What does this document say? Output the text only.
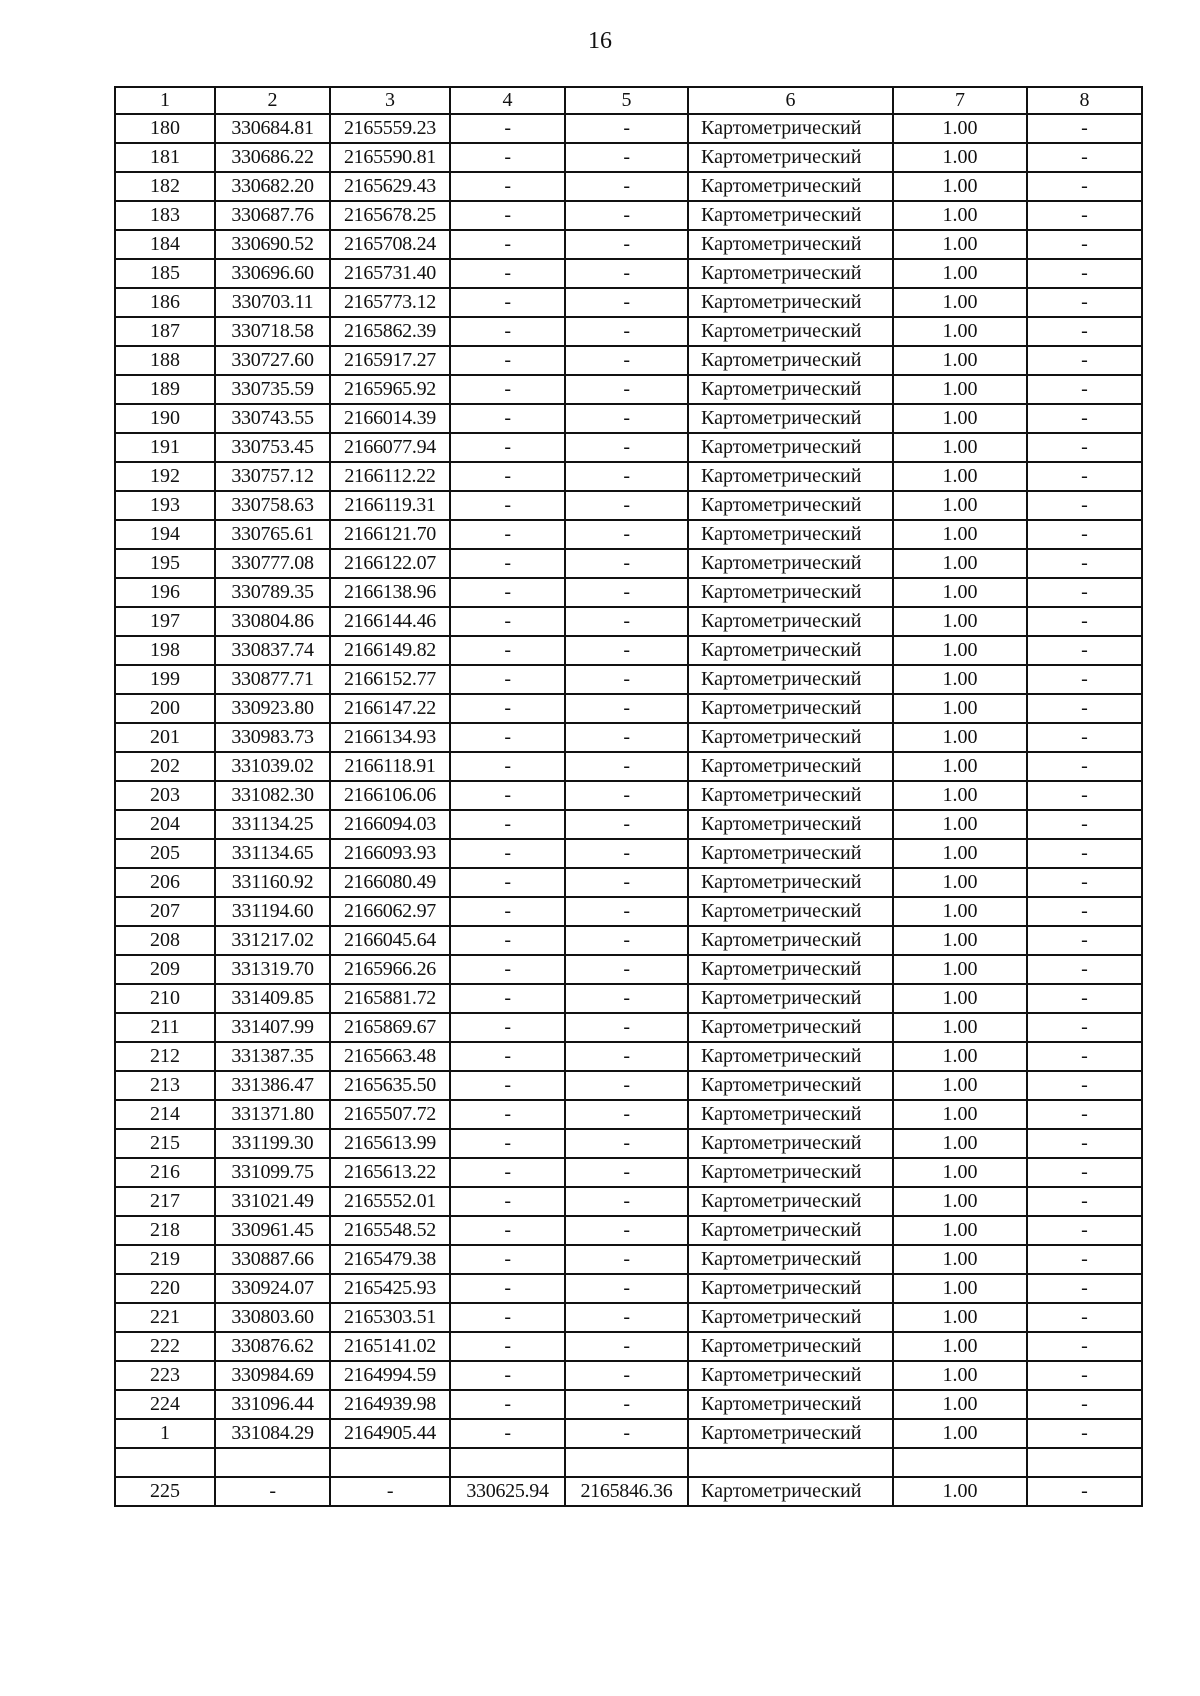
16
1	2	3	4	5	6	7	8
180	330684.81	2165559.23	-	-	Картометрический	1.00	-
181	330686.22	2165590.81	-	-	Картометрический	1.00	-
182	330682.20	2165629.43	-	-	Картометрический	1.00	-
183	330687.76	2165678.25	-	-	Картометрический	1.00	-
184	330690.52	2165708.24	-	-	Картометрический	1.00	-
185	330696.60	2165731.40	-	-	Картометрический	1.00	-
186	330703.11	2165773.12	-	-	Картометрический	1.00	-
187	330718.58	2165862.39	-	-	Картометрический	1.00	-
188	330727.60	2165917.27	-	-	Картометрический	1.00	-
189	330735.59	2165965.92	-	-	Картометрический	1.00	-
190	330743.55	2166014.39	-	-	Картометрический	1.00	-
191	330753.45	2166077.94	-	-	Картометрический	1.00	-
192	330757.12	2166112.22	-	-	Картометрический	1.00	-
193	330758.63	2166119.31	-	-	Картометрический	1.00	-
194	330765.61	2166121.70	-	-	Картометрический	1.00	-
195	330777.08	2166122.07	-	-	Картометрический	1.00	-
196	330789.35	2166138.96	-	-	Картометрический	1.00	-
197	330804.86	2166144.46	-	-	Картометрический	1.00	-
198	330837.74	2166149.82	-	-	Картометрический	1.00	-
199	330877.71	2166152.77	-	-	Картометрический	1.00	-
200	330923.80	2166147.22	-	-	Картометрический	1.00	-
201	330983.73	2166134.93	-	-	Картометрический	1.00	-
202	331039.02	2166118.91	-	-	Картометрический	1.00	-
203	331082.30	2166106.06	-	-	Картометрический	1.00	-
204	331134.25	2166094.03	-	-	Картометрический	1.00	-
205	331134.65	2166093.93	-	-	Картометрический	1.00	-
206	331160.92	2166080.49	-	-	Картометрический	1.00	-
207	331194.60	2166062.97	-	-	Картометрический	1.00	-
208	331217.02	2166045.64	-	-	Картометрический	1.00	-
209	331319.70	2165966.26	-	-	Картометрический	1.00	-
210	331409.85	2165881.72	-	-	Картометрический	1.00	-
211	331407.99	2165869.67	-	-	Картометрический	1.00	-
212	331387.35	2165663.48	-	-	Картометрический	1.00	-
213	331386.47	2165635.50	-	-	Картометрический	1.00	-
214	331371.80	2165507.72	-	-	Картометрический	1.00	-
215	331199.30	2165613.99	-	-	Картометрический	1.00	-
216	331099.75	2165613.22	-	-	Картометрический	1.00	-
217	331021.49	2165552.01	-	-	Картометрический	1.00	-
218	330961.45	2165548.52	-	-	Картометрический	1.00	-
219	330887.66	2165479.38	-	-	Картометрический	1.00	-
220	330924.07	2165425.93	-	-	Картометрический	1.00	-
221	330803.60	2165303.51	-	-	Картометрический	1.00	-
222	330876.62	2165141.02	-	-	Картометрический	1.00	-
223	330984.69	2164994.59	-	-	Картометрический	1.00	-
224	331096.44	2164939.98	-	-	Картометрический	1.00	-
1	331084.29	2164905.44	-	-	Картометрический	1.00	-

225	-	-	330625.94	2165846.36	Картометрический	1.00	-
